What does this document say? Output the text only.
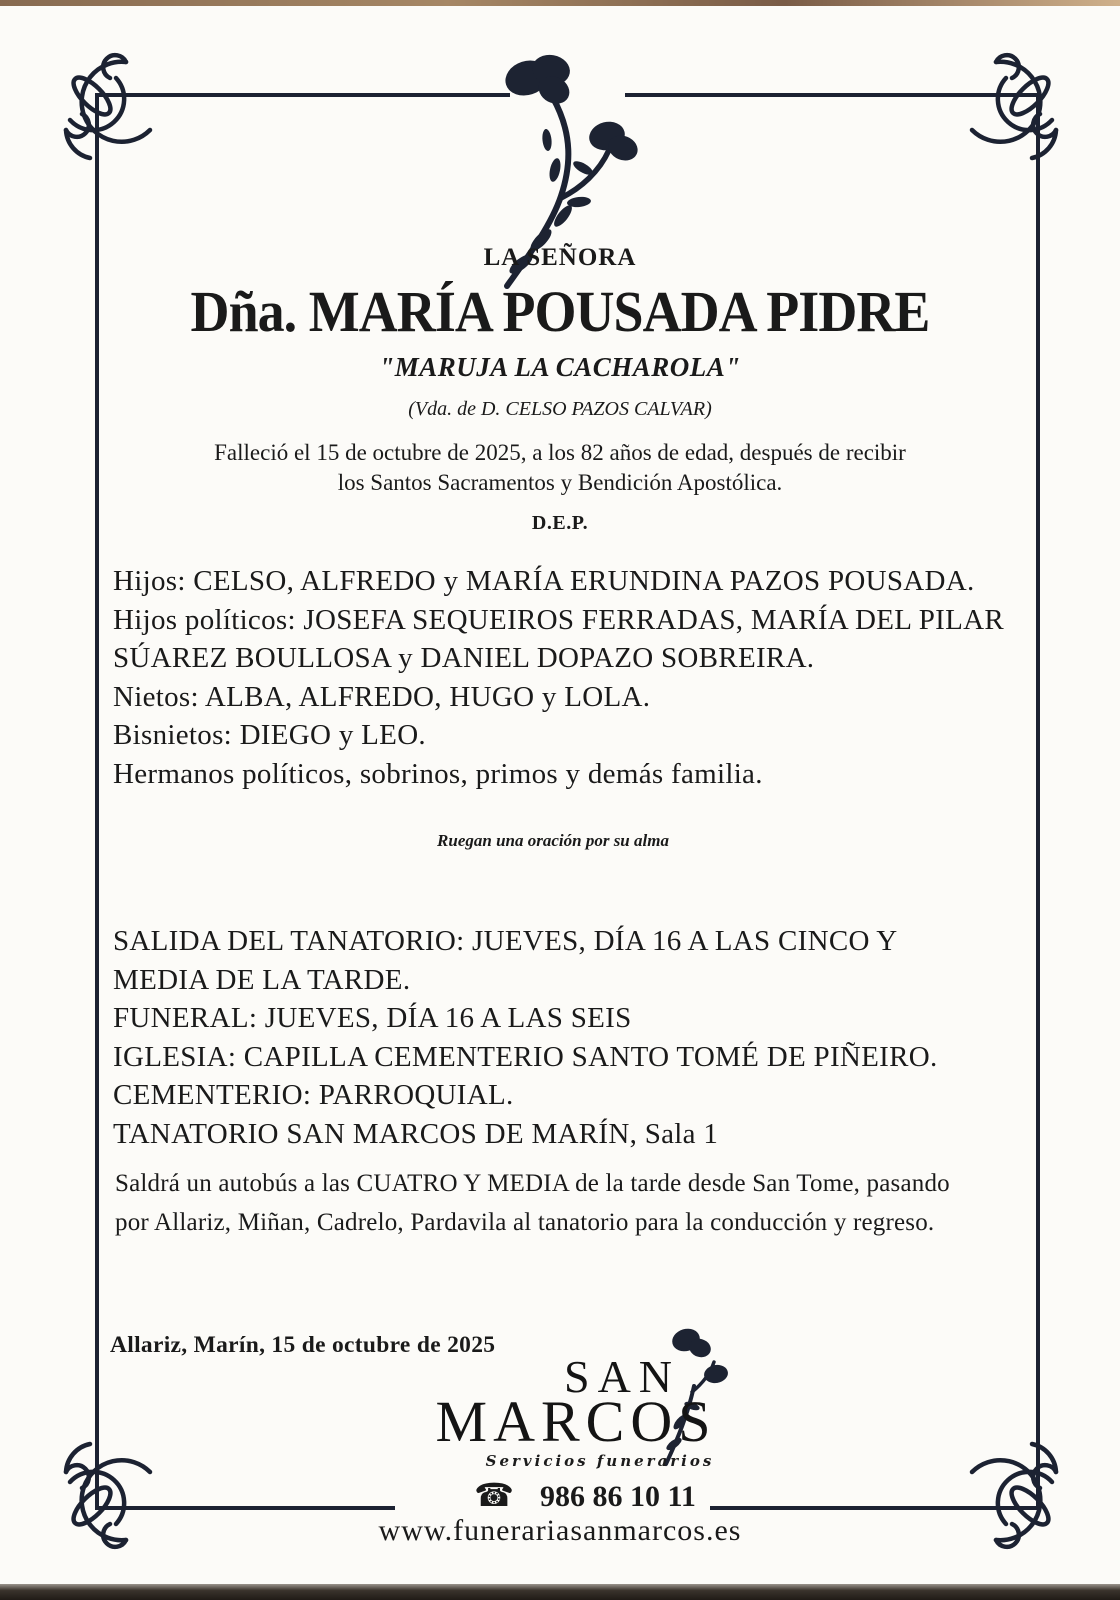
LA SEÑORA
Dña. MARÍA POUSADA PIDRE
"MARUJA LA CACHAROLA"
(Vda. de D. CELSO PAZOS CALVAR)
Falleció el 15 de octubre de 2025, a los 82 años de edad, después de recibir
los Santos Sacramentos y Bendición Apostólica.
D.E.P.
Hijos: CELSO, ALFREDO y MARÍA ERUNDINA PAZOS POUSADA.
Hijos políticos: JOSEFA SEQUEIROS FERRADAS, MARÍA DEL PILAR
SÚAREZ BOULLOSA y DANIEL DOPAZO SOBREIRA.
Nietos: ALBA, ALFREDO, HUGO y LOLA.
Bisnietos: DIEGO y LEO.
Hermanos políticos, sobrinos, primos y demás familia.
Ruegan una oración por su alma
SALIDA DEL TANATORIO: JUEVES, DÍA 16 A LAS CINCO Y
MEDIA DE LA TARDE.
FUNERAL: JUEVES, DÍA 16 A LAS SEIS
IGLESIA: CAPILLA CEMENTERIO SANTO TOMÉ DE PIÑEIRO.
CEMENTERIO: PARROQUIAL.
TANATORIO SAN MARCOS DE MARÍN, Sala 1
Saldrá un autobús a las CUATRO Y MEDIA de la tarde desde San Tome, pasando por Allariz, Miñan, Cadrelo, Pardavila al tanatorio para la conducción y regreso.
Allariz, Marín, 15 de octubre de 2025
SAN
MARCOS
Servicios funerarios
☎ 986 86 10 11
www.funerariasanmarcos.es
